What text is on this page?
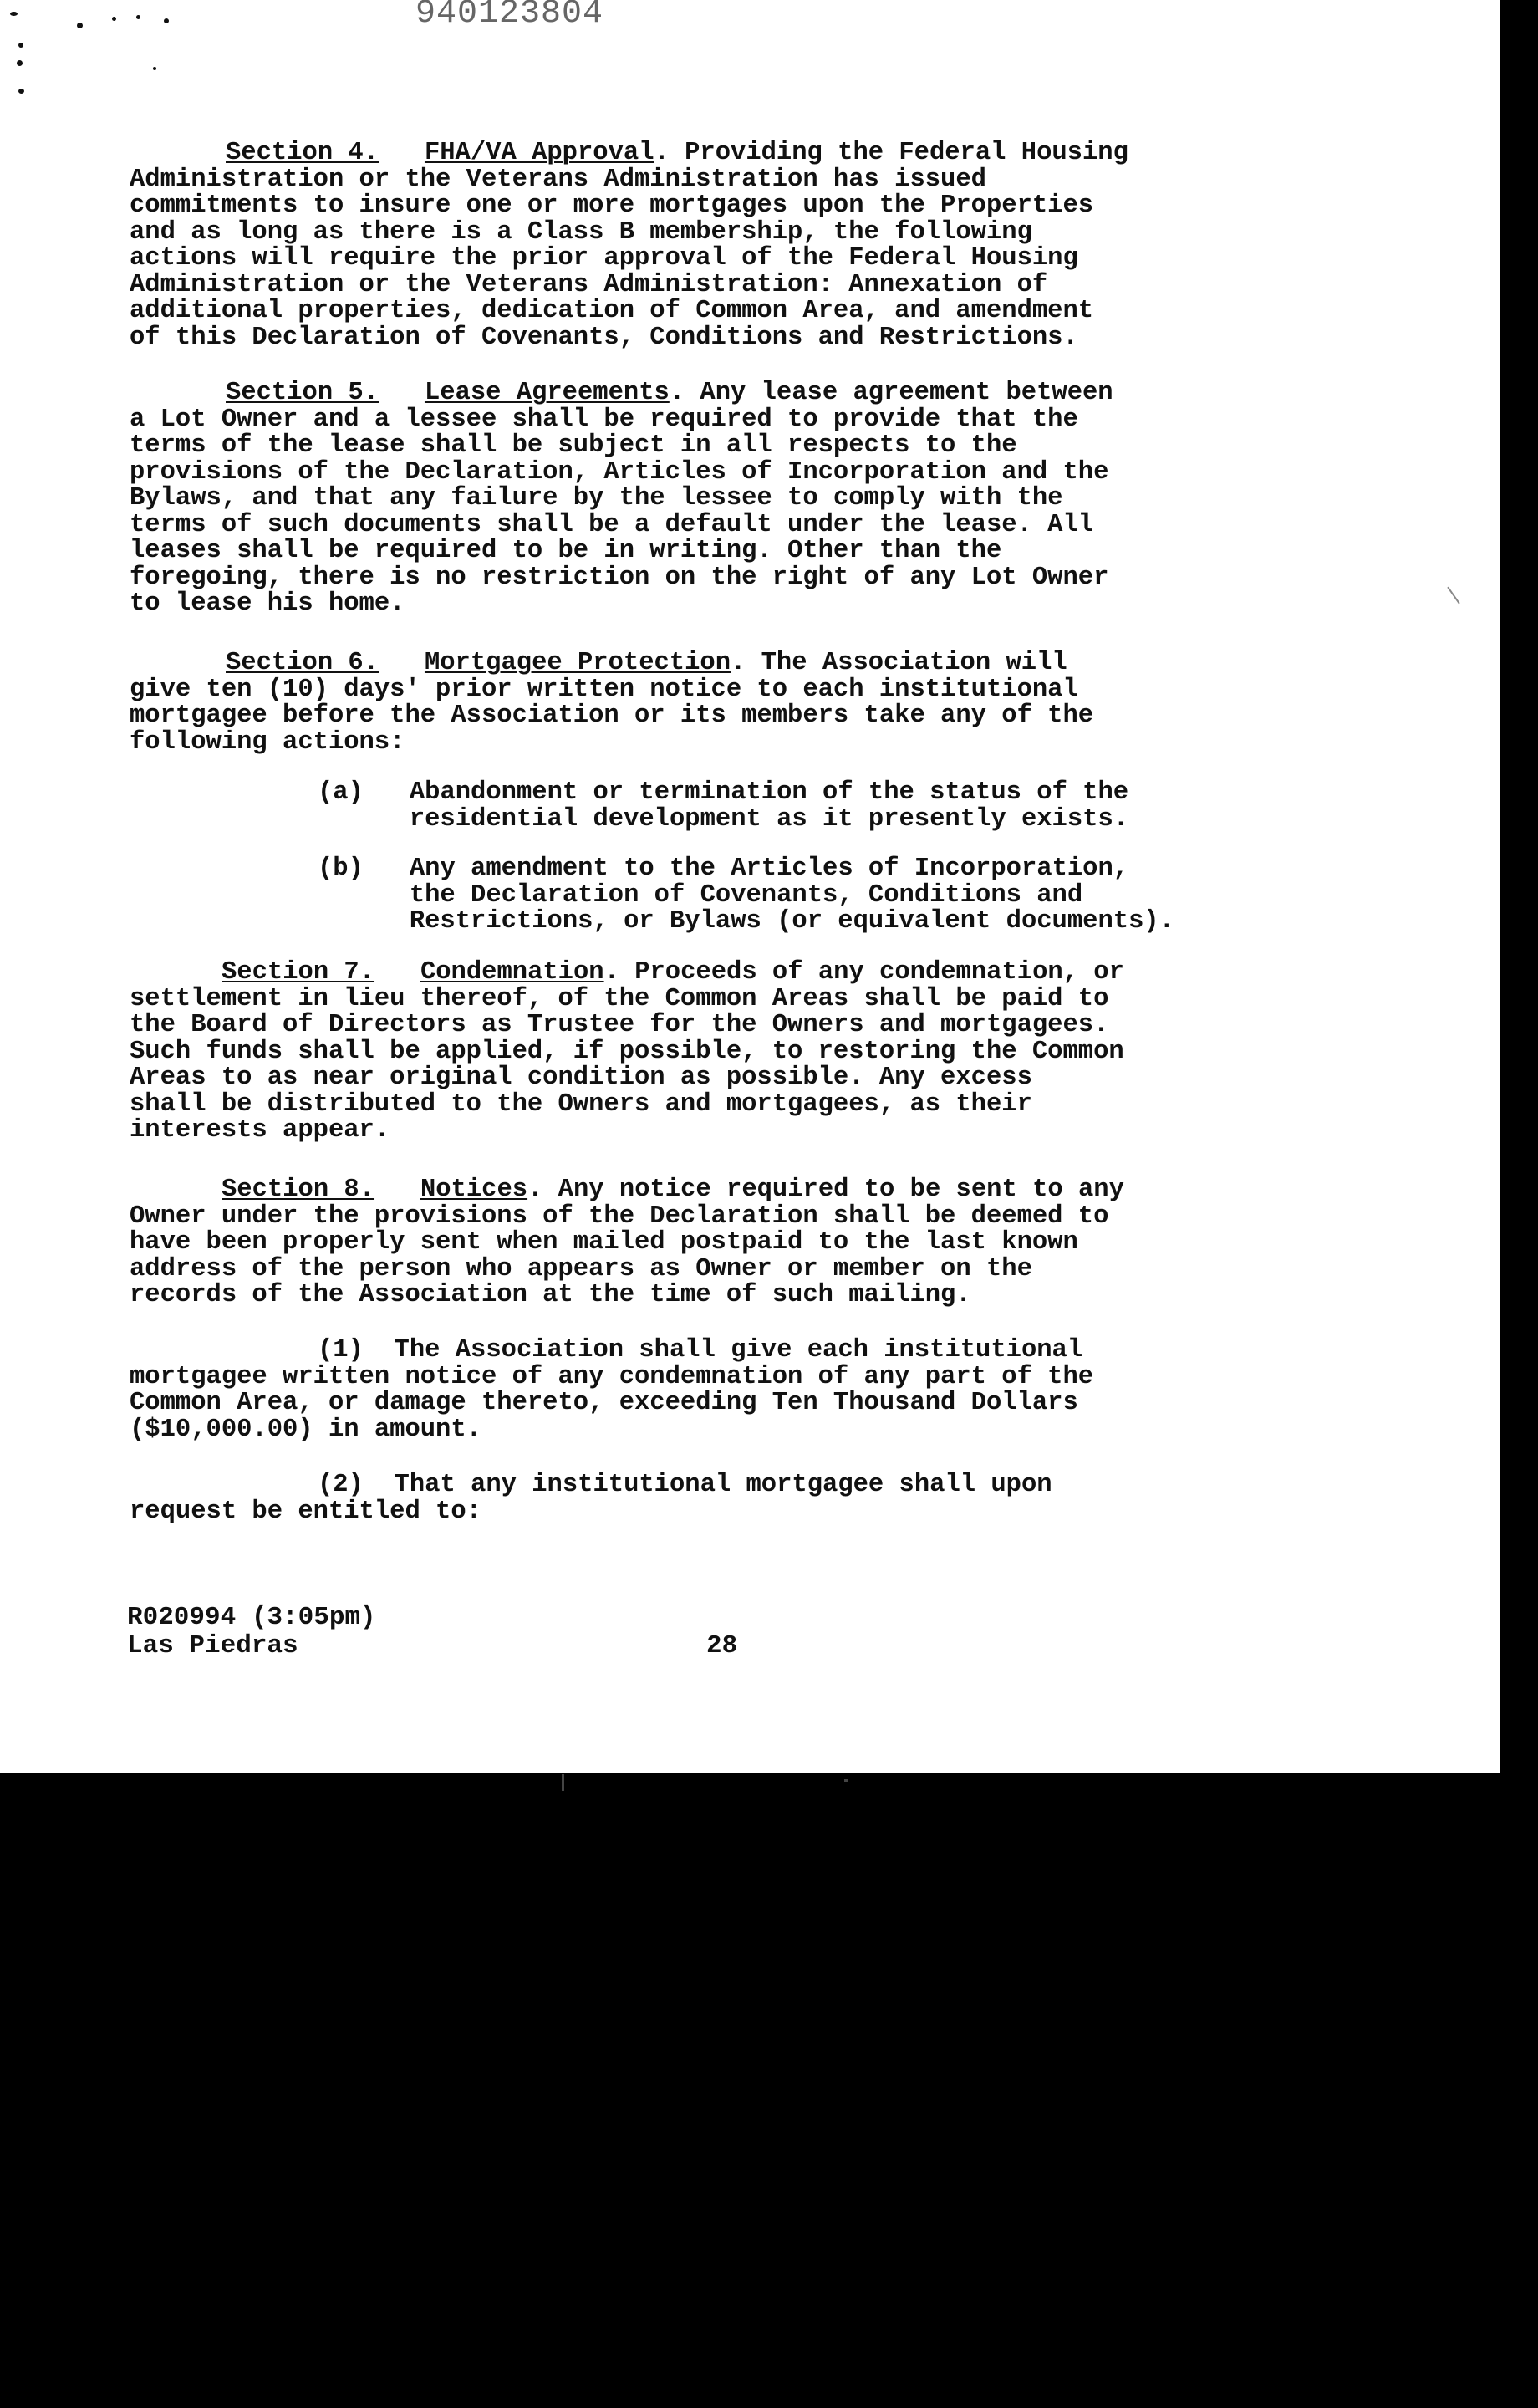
940123804
Section 4. FHA/VA Approval. Providing the Federal Housing
Administration or the Veterans Administration has issued
commitments to insure one or more mortgages upon the Properties
and as long as there is a Class B membership, the following
actions will require the prior approval of the Federal Housing
Administration or the Veterans Administration: Annexation of
additional properties, dedication of Common Area, and amendment
of this Declaration of Covenants, Conditions and Restrictions.
Section 5. Lease Agreements. Any lease agreement between
a Lot Owner and a lessee shall be required to provide that the
terms of the lease shall be subject in all respects to the
provisions of the Declaration, Articles of Incorporation and the
Bylaws, and that any failure by the lessee to comply with the
terms of such documents shall be a default under the lease. All
leases shall be required to be in writing. Other than the
foregoing, there is no restriction on the right of any Lot Owner
to lease his home.
Section 6. Mortgagee Protection. The Association will
give ten (10) days' prior written notice to each institutional
mortgagee before the Association or its members take any of the
following actions:
(a) Abandonment or termination of the status of the
residential development as it presently exists.
(b) Any amendment to the Articles of Incorporation,
the Declaration of Covenants, Conditions and
Restrictions, or Bylaws (or equivalent documents).
Section 7. Condemnation. Proceeds of any condemnation, or
settlement in lieu thereof, of the Common Areas shall be paid to
the Board of Directors as Trustee for the Owners and mortgagees.
Such funds shall be applied, if possible, to restoring the Common
Areas to as near original condition as possible. Any excess
shall be distributed to the Owners and mortgagees, as their
interests appear.
Section 8. Notices. Any notice required to be sent to any
Owner under the provisions of the Declaration shall be deemed to
have been properly sent when mailed postpaid to the last known
address of the person who appears as Owner or member on the
records of the Association at the time of such mailing.
(1) The Association shall give each institutional
mortgagee written notice of any condemnation of any part of the
Common Area, or damage thereto, exceeding Ten Thousand Dollars
($10,000.00) in amount.
(2) That any institutional mortgagee shall upon
request be entitled to:
R020994 (3:05pm)
Las Piedras	28
